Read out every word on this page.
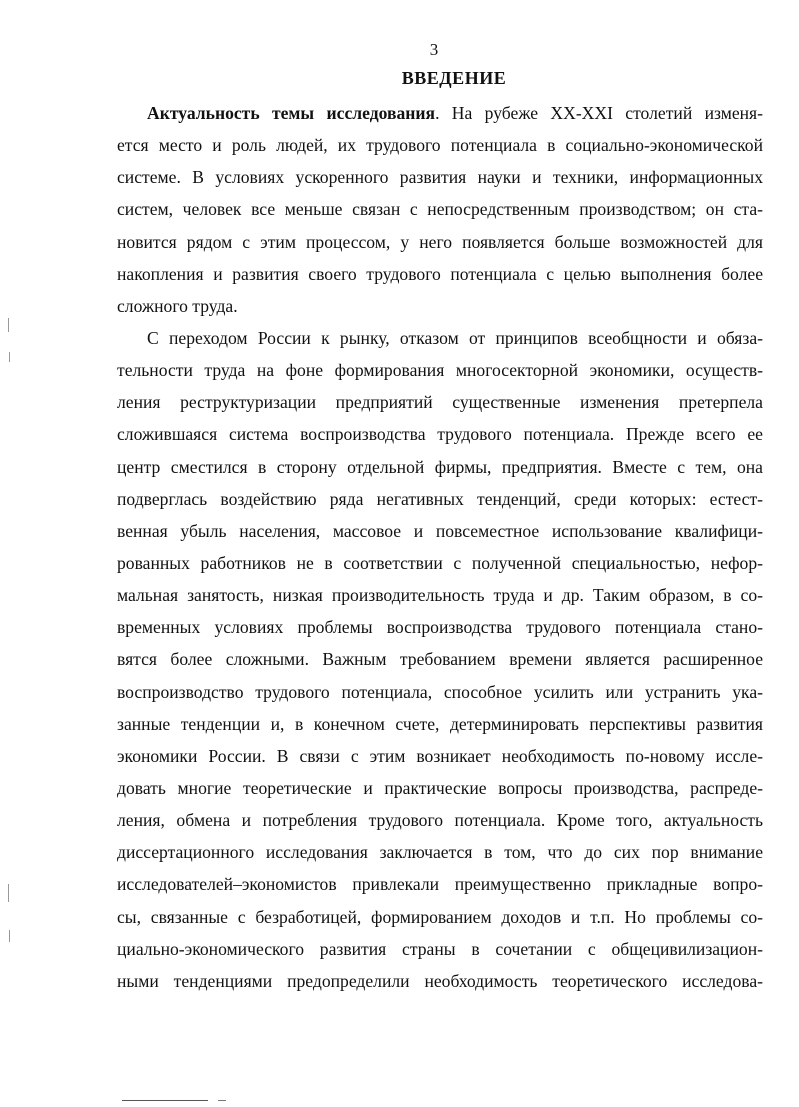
3
ВВЕДЕНИЕ
Актуальность темы исследования. На рубеже XX-XXI столетий изменя-
ется место и роль людей, их трудового потенциала в социально-экономической
системе. В условиях ускоренного развития науки и техники, информационных
систем, человек все меньше связан с непосредственным производством; он ста-
новится рядом с этим процессом, у него появляется больше возможностей для
накопления и развития своего трудового потенциала с целью выполнения более
сложного труда.
С переходом России к рынку, отказом от принципов всеобщности и обяза-
тельности труда на фоне формирования многосекторной экономики, осуществ-
ления реструктуризации предприятий существенные изменения претерпела
сложившаяся система воспроизводства трудового потенциала. Прежде всего ее
центр сместился в сторону отдельной фирмы, предприятия. Вместе с тем, она
подверглась воздействию ряда негативных тенденций, среди которых: естест-
венная убыль населения, массовое и повсеместное использование квалифици-
рованных работников не в соответствии с полученной специальностью, нефор-
мальная занятость, низкая производительность труда и др. Таким образом, в со-
временных условиях проблемы воспроизводства трудового потенциала стано-
вятся более сложными. Важным требованием времени является расширенное
воспроизводство трудового потенциала, способное усилить или устранить ука-
занные тенденции и, в конечном счете, детерминировать перспективы развития
экономики России. В связи с этим возникает необходимость по-новому иссле-
довать многие теоретические и практические вопросы производства, распреде-
ления, обмена и потребления трудового потенциала. Кроме того, актуальность
диссертационного исследования заключается в том, что до сих пор внимание
исследователей–экономистов привлекали преимущественно прикладные вопро-
сы, связанные с безработицей, формированием доходов и т.п. Но проблемы со-
циально-экономического развития страны в сочетании с общецивилизацион-
ными тенденциями предопределили необходимость теоретического исследова-
